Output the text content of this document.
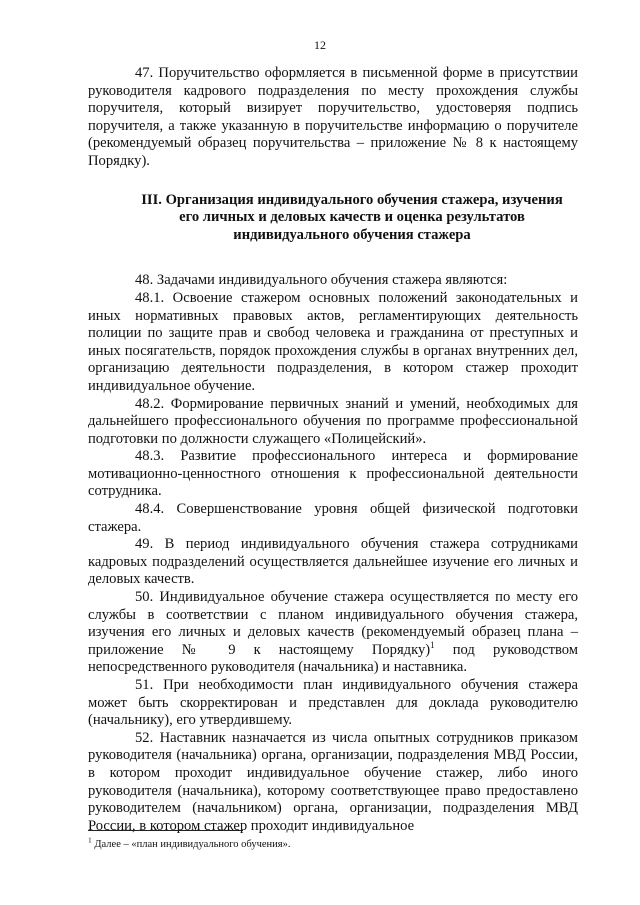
12

47. Поручительство оформляется в письменной форме в присутствии руководителя кадрового подразделения по месту прохождения службы поручителя, который визирует поручительство, удостоверяя подпись поручителя, а также указанную в поручительстве информацию о поручителе (рекомендуемый образец поручительства – приложение № 8 к настоящему Порядку).

III. Организация индивидуального обучения стажера, изучения
его личных и деловых качеств и оценка результатов
индивидуального обучения стажера

48. Задачами индивидуального обучения стажера являются:

48.1. Освоение стажером основных положений законодательных и иных нормативных правовых актов, регламентирующих деятельность полиции по защите прав и свобод человека и гражданина от преступных и иных посягательств, порядок прохождения службы в органах внутренних дел, организацию деятельности подразделения, в котором стажер проходит индивидуальное обучение.

48.2. Формирование первичных знаний и умений, необходимых для дальнейшего профессионального обучения по программе профессиональной подготовки по должности служащего «Полицейский».

48.3. Развитие профессионального интереса и формирование мотивационно-ценностного отношения к профессиональной деятельности сотрудника.

48.4. Совершенствование уровня общей физической подготовки стажера.

49. В период индивидуального обучения стажера сотрудниками кадровых подразделений осуществляется дальнейшее изучение его личных и деловых качеств.

50. Индивидуальное обучение стажера осуществляется по месту его службы в соответствии с планом индивидуального обучения стажера, изучения его личных и деловых качеств (рекомендуемый образец плана – приложение № 9 к настоящему Порядку)$^1$ под руководством непосредственного руководителя (начальника) и наставника.

51. При необходимости план индивидуального обучения стажера может быть скорректирован и представлен для доклада руководителю (начальнику), его утвердившему.

52. Наставник назначается из числа опытных сотрудников приказом руководителя (начальника) органа, организации, подразделения МВД России, в котором проходит индивидуальное обучение стажер, либо иного руководителя (начальника), которому соответствующее право предоставлено руководителем (начальником) органа, организации, подразделения МВД России, в котором стажер проходит индивидуальное

$^1$ Далее – «план индивидуального обучения».
